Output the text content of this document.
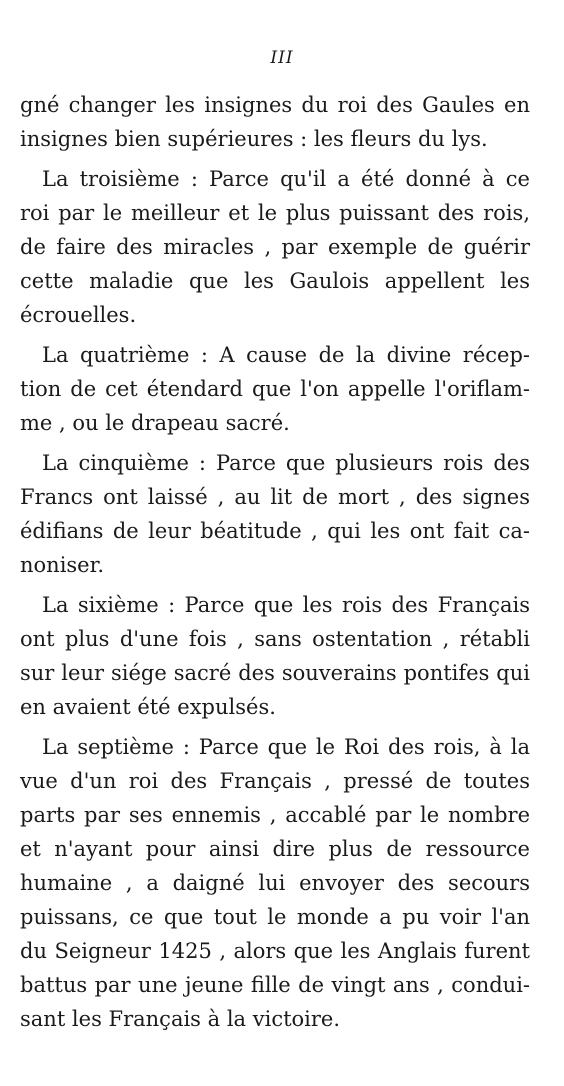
III
gné changer les insignes du roi des Gaules en
insignes bien supérieures : les fleurs du lys.
La troisième : Parce qu'il a été donné à ce
roi par le meilleur et le plus puissant des rois,
de faire des miracles , par exemple de guérir
cette maladie que les Gaulois appellent les
écrouelles.
La quatrième : A cause de la divine récep-
tion de cet étendard que l'on appelle l'oriflam-
me , ou le drapeau sacré.
La cinquième : Parce que plusieurs rois des
Francs ont laissé , au lit de mort , des signes
édifians de leur béatitude , qui les ont fait ca-
noniser.
La sixième : Parce que les rois des Français
ont plus d'une fois , sans ostentation , rétabli
sur leur siége sacré des souverains pontifes qui
en avaient été expulsés.
La septième : Parce que le Roi des rois, à la
vue d'un roi des Français , pressé de toutes
parts par ses ennemis , accablé par le nombre
et n'ayant pour ainsi dire plus de ressource
humaine , a daigné lui envoyer des secours
puissans, ce que tout le monde a pu voir l'an
du Seigneur 1425 , alors que les Anglais furent
battus par une jeune fille de vingt ans , condui-
sant les Français à la victoire.
